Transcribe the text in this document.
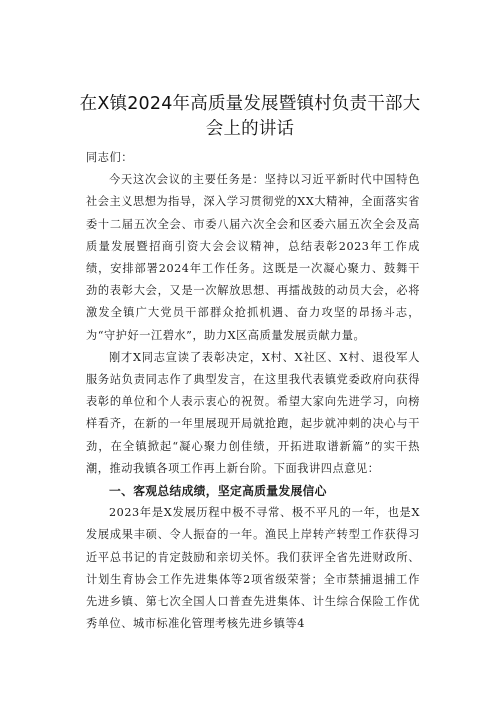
在X镇2024年高质量发展暨镇村负责干部大
会上的讲话

同志们：

今天这次会议的主要任务是：坚持以习近平新时代中国特色社会主义思想为指导，深入学习贯彻党的XX大精神，全面落实省委十二届五次全会、市委八届六次全会和区委六届五次全会及高质量发展暨招商引资大会会议精神，总结表彰2023年工作成绩，安排部署2024年工作任务。这既是一次凝心聚力、鼓舞干劲的表彰大会，又是一次解放思想、再擂战鼓的动员大会，必将激发全镇广大党员干部群众抢抓机遇、奋力攻坚的昂扬斗志，为“守护好一江碧水”，助力X区高质量发展贡献力量。

刚才X同志宣读了表彰决定，X村、X社区、X村、退役军人服务站负责同志作了典型发言，在这里我代表镇党委政府向获得表彰的单位和个人表示衷心的祝贺。希望大家向先进学习，向榜样看齐，在新的一年里展现开局就抢跑，起步就冲刺的决心与干劲，在全镇掀起“凝心聚力创佳绩，开拓进取谱新篇”的实干热潮，推动我镇各项工作再上新台阶。下面我讲四点意见：

一、客观总结成绩，坚定高质量发展信心

2023年是X发展历程中极不寻常、极不平凡的一年，也是X发展成果丰硕、令人振奋的一年。渔民上岸转产转型工作获得习近平总书记的肯定鼓励和亲切关怀。我们获评全省先进财政所、计划生育协会工作先进集体等2项省级荣誉；全市禁捕退捕工作先进乡镇、第七次全国人口普查先进集体、计生综合保险工作优秀单位、城市标准化管理考核先进乡镇等4
